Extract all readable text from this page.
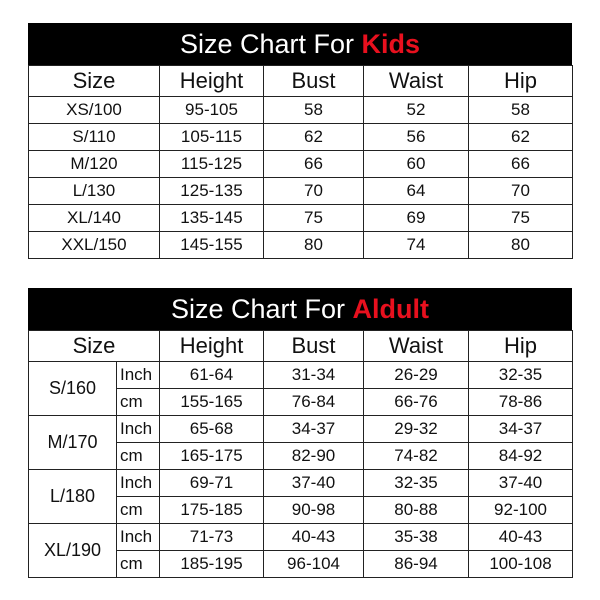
Size Chart For Kids
Size	Height	Bust	Waist	Hip
XS/100	95-105	58	52	58
S/110	105-115	62	56	62
M/120	115-125	66	60	66
L/130	125-135	70	64	70
XL/140	135-145	75	69	75
XXL/150	145-155	80	74	80
Size Chart For Aldult
Size		Height	Bust	Waist	Hip
S/160	Inch	61-64	31-34	26-29	32-35
	cm	155-165	76-84	66-76	78-86
M/170	Inch	65-68	34-37	29-32	34-37
	cm	165-175	82-90	74-82	84-92
L/180	Inch	69-71	37-40	32-35	37-40
	cm	175-185	90-98	80-88	92-100
XL/190	Inch	71-73	40-43	35-38	40-43
	cm	185-195	96-104	86-94	100-108
